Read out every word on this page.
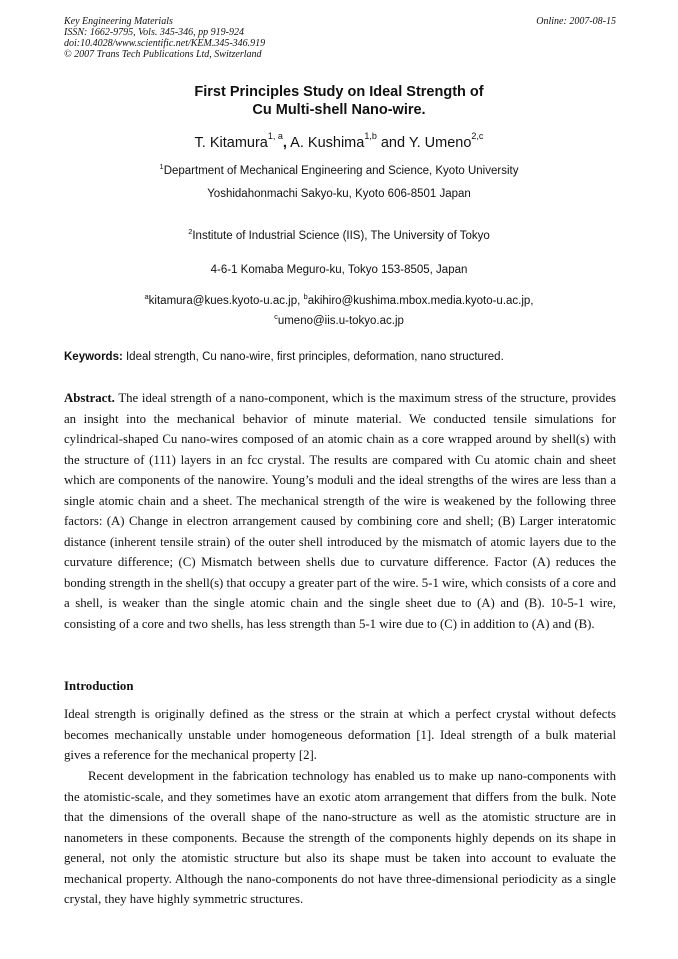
Key Engineering Materials
ISSN: 1662-9795, Vols. 345-346, pp 919-924
doi:10.4028/www.scientific.net/KEM.345-346.919
© 2007 Trans Tech Publications Ltd, Switzerland
Online: 2007-08-15
First Principles Study on Ideal Strength of
Cu Multi-shell Nano-wire.
T. Kitamura$^{1, a}$, A. Kushima$^{1,b}$ and Y. Umeno$^{2,c}$
$^1$Department of Mechanical Engineering and Science, Kyoto University
Yoshidahonmachi Sakyo-ku, Kyoto 606-8501 Japan
$^2$Institute of Industrial Science (IIS), The University of Tokyo
4-6-1 Komaba Meguro-ku, Tokyo 153-8505, Japan
$^a$kitamura@kues.kyoto-u.ac.jp, $^b$akihiro@kushima.mbox.media.kyoto-u.ac.jp,
$^c$umeno@iis.u-tokyo.ac.jp
Keywords: Ideal strength, Cu nano-wire, first principles, deformation, nano structured.
Abstract. The ideal strength of a nano-component, which is the maximum stress of the structure, provides an insight into the mechanical behavior of minute material. We conducted tensile simulations for cylindrical-shaped Cu nano-wires composed of an atomic chain as a core wrapped around by shell(s) with the structure of (111) layers in an fcc crystal. The results are compared with Cu atomic chain and sheet which are components of the nanowire. Young’s moduli and the ideal strengths of the wires are less than a single atomic chain and a sheet. The mechanical strength of the wire is weakened by the following three factors: (A) Change in electron arrangement caused by combining core and shell; (B) Larger interatomic distance (inherent tensile strain) of the outer shell introduced by the mismatch of atomic layers due to the curvature difference; (C) Mismatch between shells due to curvature difference. Factor (A) reduces the bonding strength in the shell(s) that occupy a greater part of the wire. 5-1 wire, which consists of a core and a shell, is weaker than the single atomic chain and the single sheet due to (A) and (B). 10-5-1 wire, consisting of a core and two shells, has less strength than 5-1 wire due to (C) in addition to (A) and (B).
Introduction
Ideal strength is originally defined as the stress or the strain at which a perfect crystal without defects becomes mechanically unstable under homogeneous deformation [1]. Ideal strength of a bulk material gives a reference for the mechanical property [2].
Recent development in the fabrication technology has enabled us to make up nano-components with the atomistic-scale, and they sometimes have an exotic atom arrangement that differs from the bulk. Note that the dimensions of the overall shape of the nano-structure as well as the atomistic structure are in nanometers in these components. Because the strength of the components highly depends on its shape in general, not only the atomistic structure but also its shape must be taken into account to evaluate the mechanical property. Although the nano-components do not have three-dimensional periodicity as a single crystal, they have highly symmetric structures.
